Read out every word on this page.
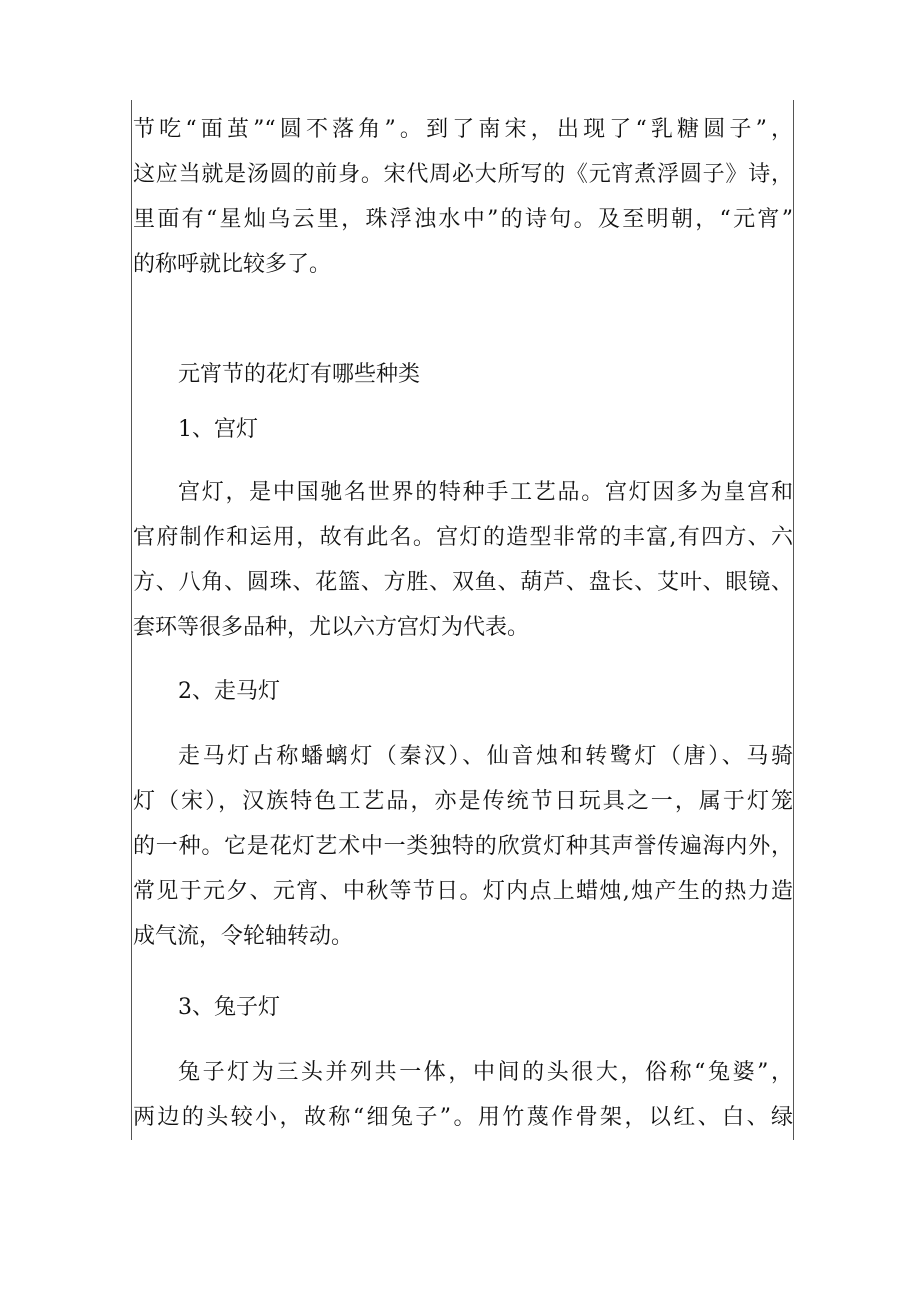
节吃“面茧”“圆不落角”。到了南宋，出现了“乳糖圆子”，
这应当就是汤圆的前身。宋代周必大所写的《元宵煮浮圆子》诗，
里面有“星灿乌云里，珠浮浊水中”的诗句。及至明朝，“元宵”
的称呼就比较多了。
元宵节的花灯有哪些种类
1、宫灯
宫灯，是中国驰名世界的特种手工艺品。宫灯因多为皇宫和
官府制作和运用，故有此名。宫灯的造型非常的丰富,有四方、六
方、八角、圆珠、花篮、方胜、双鱼、葫芦、盘长、艾叶、眼镜、
套环等很多品种，尤以六方宫灯为代表。
2、走马灯
走马灯占称蟠螭灯（秦汉）、仙音烛和转鹭灯（唐）、马骑
灯（宋），汉族特色工艺品，亦是传统节日玩具之一，属于灯笼
的一种。它是花灯艺术中一类独特的欣赏灯种其声誉传遍海内外，
常见于元夕、元宵、中秋等节日。灯内点上蜡烛,烛产生的热力造
成气流，令轮轴转动。
3、兔子灯
兔子灯为三头并列共一体，中间的头很大，俗称“兔婆”，
两边的头较小，故称“细兔子”。用竹蔑作骨架，以红、白、绿
